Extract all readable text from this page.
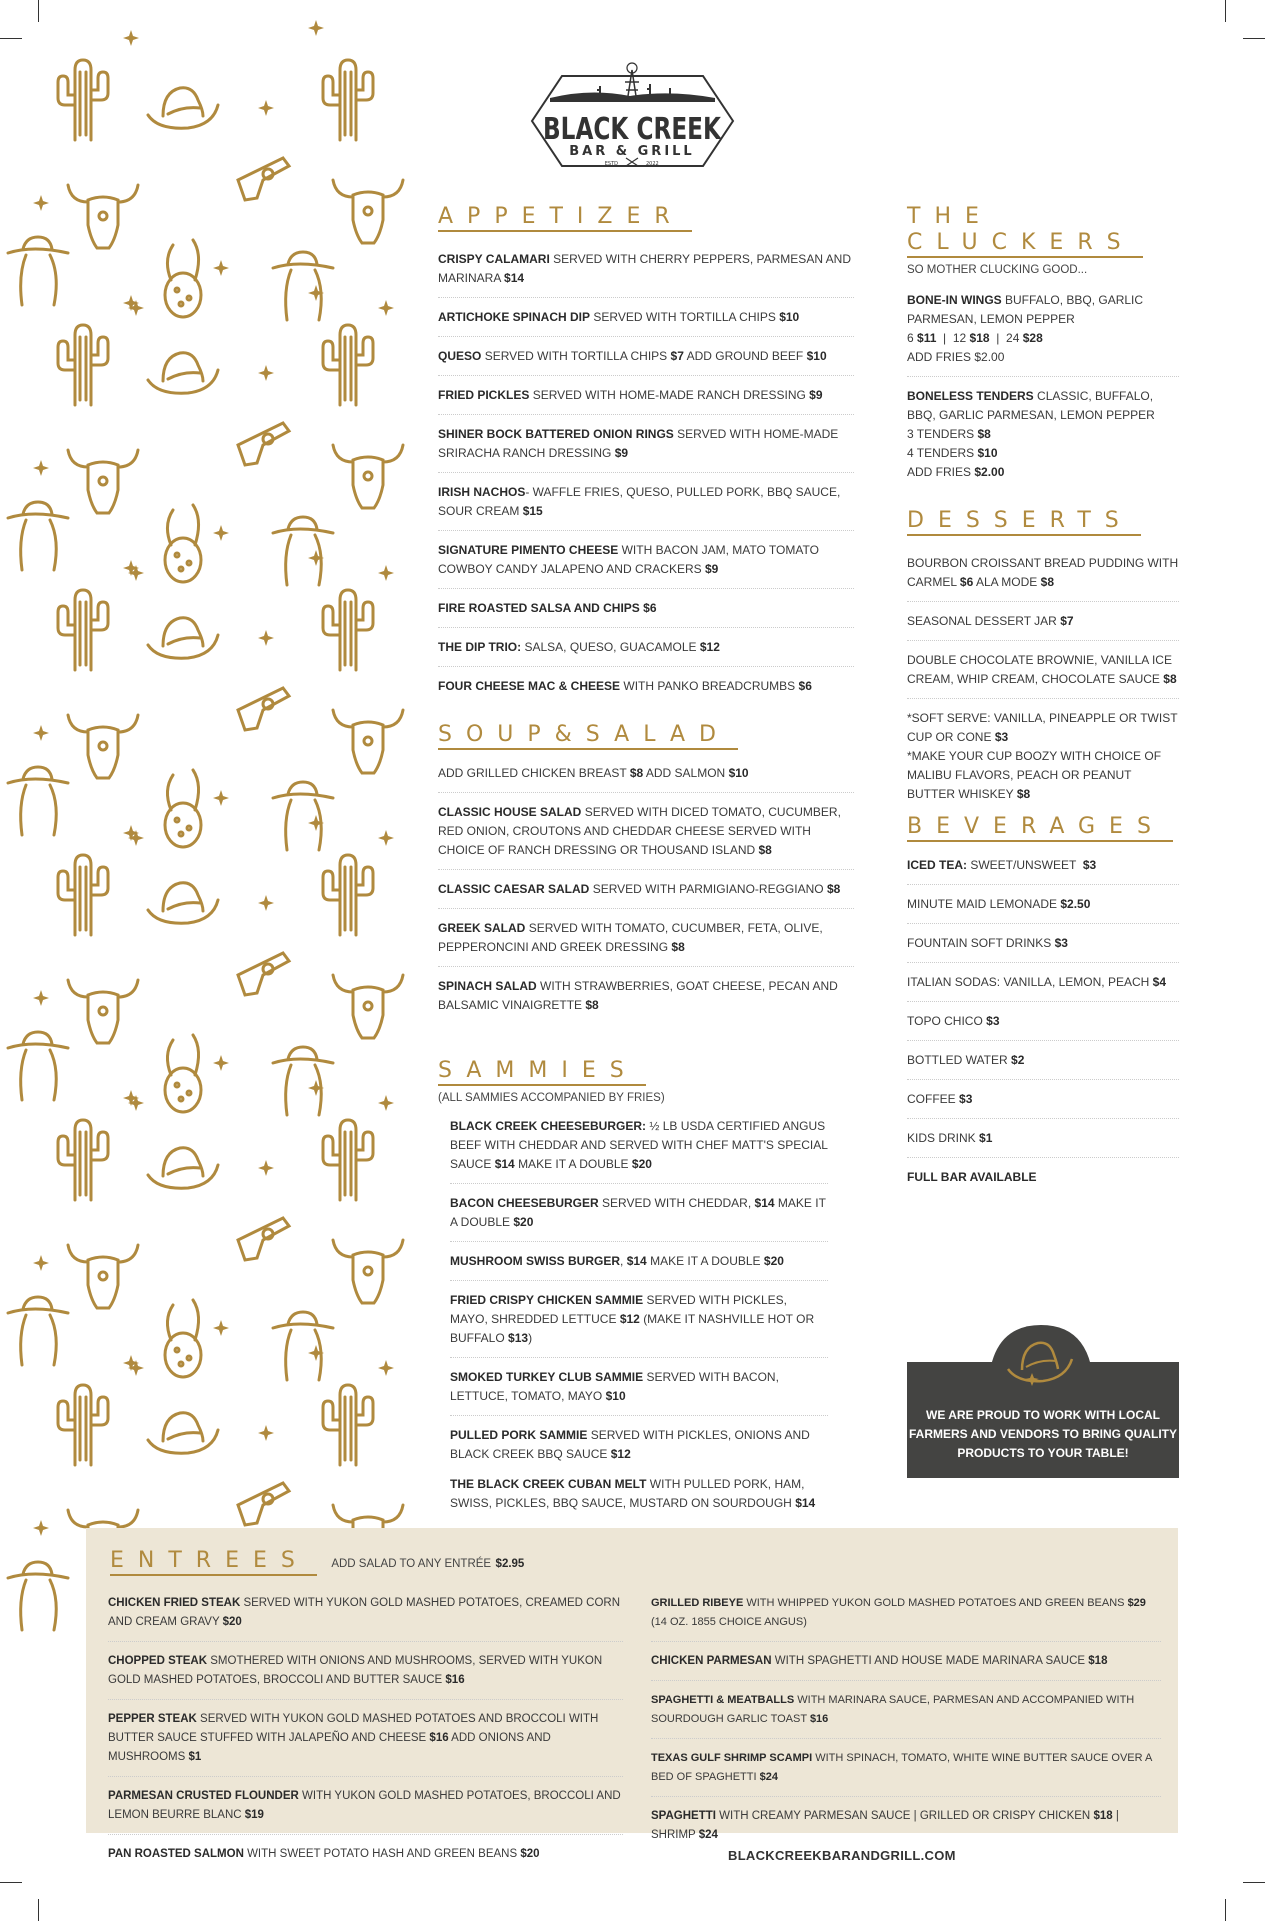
BLACK CREEK
BAR & GRILL
ESTD	2022
APPETIZER
CRISPY CALAMARI SERVED WITH CHERRY PEPPERS, PARMESAN AND MARINARA $14
ARTICHOKE SPINACH DIP SERVED WITH TORTILLA CHIPS $10
QUESO SERVED WITH TORTILLA CHIPS $7 ADD GROUND BEEF $10
FRIED PICKLES SERVED WITH HOME-MADE RANCH DRESSING $9
SHINER BOCK BATTERED ONION RINGS SERVED WITH HOME-MADE SRIRACHA RANCH DRESSING $9
IRISH NACHOS- WAFFLE FRIES, QUESO, PULLED PORK, BBQ SAUCE, SOUR CREAM $15
SIGNATURE PIMENTO CHEESE WITH BACON JAM, MATO TOMATO COWBOY CANDY JALAPENO AND CRACKERS $9
FIRE ROASTED SALSA AND CHIPS $6
THE DIP TRIO: SALSA, QUESO, GUACAMOLE $12
FOUR CHEESE MAC & CHEESE WITH PANKO BREADCRUMBS $6
SOUP&SALAD
ADD GRILLED CHICKEN BREAST $8 ADD SALMON $10
CLASSIC HOUSE SALAD SERVED WITH DICED TOMATO, CUCUMBER, RED ONION, CROUTONS AND CHEDDAR CHEESE SERVED WITH CHOICE OF RANCH DRESSING OR THOUSAND ISLAND $8
CLASSIC CAESAR SALAD SERVED WITH PARMIGIANO-REGGIANO $8
GREEK SALAD SERVED WITH TOMATO, CUCUMBER, FETA, OLIVE, PEPPERONCINI AND GREEK DRESSING $8
SPINACH SALAD WITH STRAWBERRIES, GOAT CHEESE, PECAN AND BALSAMIC VINAIGRETTE $8
SAMMIES
(ALL SAMMIES ACCOMPANIED BY FRIES)
BLACK CREEK CHEESEBURGER: ½ LB USDA CERTIFIED ANGUS BEEF WITH CHEDDAR AND SERVED WITH CHEF MATT'S SPECIAL SAUCE $14 MAKE IT A DOUBLE $20
BACON CHEESEBURGER SERVED WITH CHEDDAR, $14 MAKE IT A DOUBLE $20
MUSHROOM SWISS BURGER, $14 MAKE IT A DOUBLE $20
FRIED CRISPY CHICKEN SAMMIE SERVED WITH PICKLES, MAYO, SHREDDED LETTUCE $12 (MAKE IT NASHVILLE HOT OR BUFFALO $13)
SMOKED TURKEY CLUB SAMMIE SERVED WITH BACON, LETTUCE, TOMATO, MAYO $10
PULLED PORK SAMMIE SERVED WITH PICKLES, ONIONS AND BLACK CREEK BBQ SAUCE $12
THE BLACK CREEK CUBAN MELT WITH PULLED PORK, HAM, SWISS, PICKLES, BBQ SAUCE, MUSTARD ON SOURDOUGH $14
THE
CLUCKERS
SO MOTHER CLUCKING GOOD...
BONE-IN WINGS BUFFALO, BBQ, GARLIC PARMESAN, LEMON PEPPER
6 $11  |  12 $18  |  24 $28
ADD FRIES $2.00
BONELESS TENDERS CLASSIC, BUFFALO, BBQ, GARLIC PARMESAN, LEMON PEPPER
3 TENDERS $8
4 TENDERS $10
ADD FRIES $2.00
DESSERTS
BOURBON CROISSANT BREAD PUDDING WITH CARMEL $6 ALA MODE $8
SEASONAL DESSERT JAR $7
DOUBLE CHOCOLATE BROWNIE, VANILLA ICE CREAM, WHIP CREAM, CHOCOLATE SAUCE $8
*SOFT SERVE: VANILLA, PINEAPPLE OR TWIST
CUP OR CONE $3
*MAKE YOUR CUP BOOZY WITH CHOICE OF MALIBU FLAVORS, PEACH OR PEANUT BUTTER WHISKEY $8
BEVERAGES
ICED TEA: SWEET/UNSWEET $3
MINUTE MAID LEMONADE $2.50
FOUNTAIN SOFT DRINKS $3
ITALIAN SODAS: VANILLA, LEMON, PEACH $4
TOPO CHICO $3
BOTTLED WATER $2
COFFEE $3
KIDS DRINK $1
FULL BAR AVAILABLE
WE ARE PROUD TO WORK WITH LOCAL FARMERS AND VENDORS TO BRING QUALITY PRODUCTS TO YOUR TABLE!
ENTREES ADD SALAD TO ANY ENTRÉE $2.95
CHICKEN FRIED STEAK SERVED WITH YUKON GOLD MASHED POTATOES, CREAMED CORN AND CREAM GRAVY $20
CHOPPED STEAK SMOTHERED WITH ONIONS AND MUSHROOMS, SERVED WITH YUKON GOLD MASHED POTATOES, BROCCOLI AND BUTTER SAUCE $16
PEPPER STEAK SERVED WITH YUKON GOLD MASHED POTATOES AND BROCCOLI WITH BUTTER SAUCE STUFFED WITH JALAPEÑO AND CHEESE $16 ADD ONIONS AND MUSHROOMS $1
PARMESAN CRUSTED FLOUNDER WITH YUKON GOLD MASHED POTATOES, BROCCOLI AND LEMON BEURRE BLANC $19
PAN ROASTED SALMON WITH SWEET POTATO HASH AND GREEN BEANS $20
GRILLED RIBEYE WITH WHIPPED YUKON GOLD MASHED POTATOES AND GREEN BEANS $29 (14 OZ. 1855 CHOICE ANGUS)
CHICKEN PARMESAN WITH SPAGHETTI AND HOUSE MADE MARINARA SAUCE $18
SPAGHETTI & MEATBALLS WITH MARINARA SAUCE, PARMESAN AND ACCOMPANIED WITH SOURDOUGH GARLIC TOAST $16
TEXAS GULF SHRIMP SCAMPI WITH SPINACH, TOMATO, WHITE WINE BUTTER SAUCE OVER A BED OF SPAGHETTI $24
SPAGHETTI WITH CREAMY PARMESAN SAUCE | GRILLED OR CRISPY CHICKEN $18 | SHRIMP $24
BLACKCREEKBARANDGRILL.COM
